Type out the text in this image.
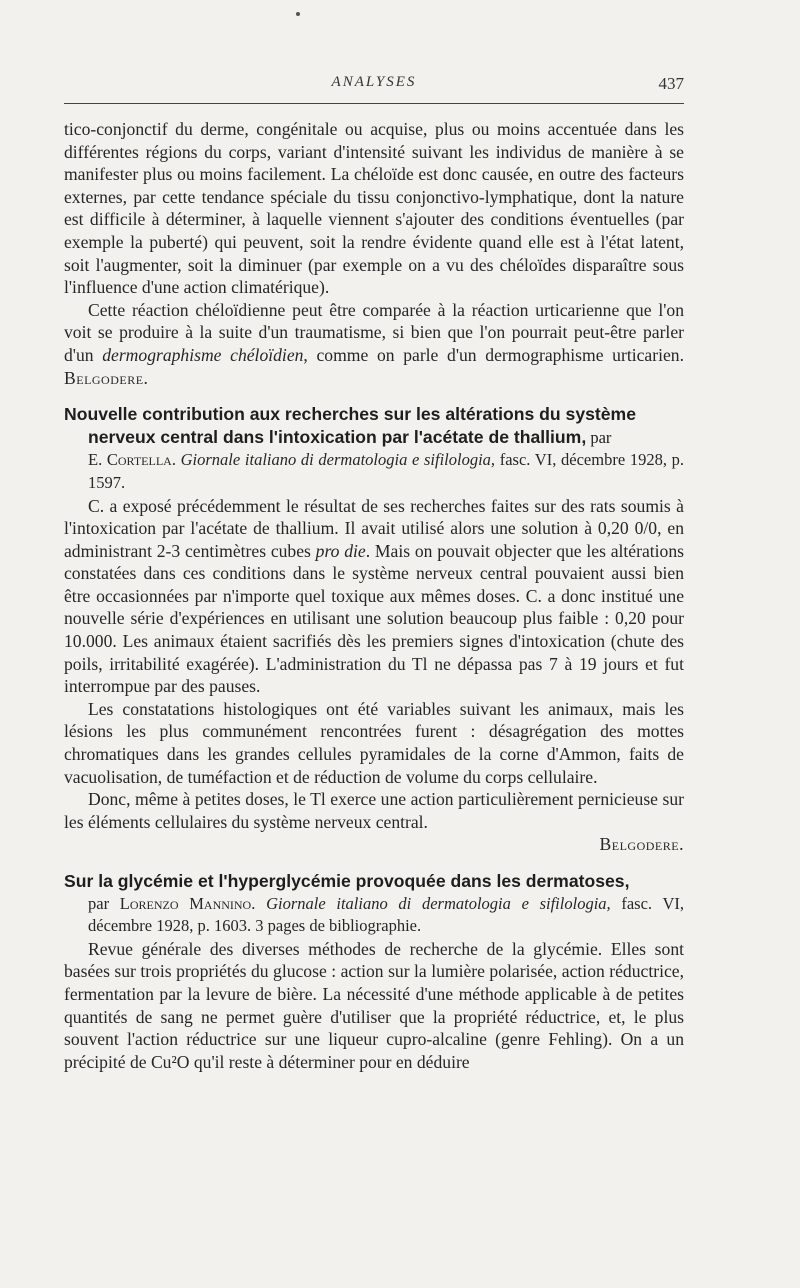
ANALYSES	437

tico-conjonctif du derme, congénitale ou acquise, plus ou moins accentuée dans les différentes régions du corps, variant d'intensité suivant les individus de manière à se manifester plus ou moins facilement. La chéloïde est donc causée, en outre des facteurs externes, par cette tendance spéciale du tissu conjonctivo-lymphatique, dont la nature est difficile à déterminer, à laquelle viennent s'ajouter des conditions éventuelles (par exemple la puberté) qui peuvent, soit la rendre évidente quand elle est à l'état latent, soit l'augmenter, soit la diminuer (par exemple on a vu des chéloïdes disparaître sous l'influence d'une action climatérique).

Cette réaction chéloïdienne peut être comparée à la réaction urticarienne que l'on voit se produire à la suite d'un traumatisme, si bien que l'on pourrait peut-être parler d'un dermographisme chéloïdien, comme on parle d'un dermographisme urticarien. Belgodere.

Nouvelle contribution aux recherches sur les altérations du système
nerveux central dans l'intoxication par l'acétate de thallium, par

E. Cortella. Giornale italiano di dermatologia e sifilologia, fasc. VI, décembre 1928, p. 1597.

C. a exposé précédemment le résultat de ses recherches faites sur des rats soumis à l'intoxication par l'acétate de thallium. Il avait utilisé alors une solution à 0,20 0/0, en administrant 2-3 centimètres cubes pro die. Mais on pouvait objecter que les altérations constatées dans ces conditions dans le système nerveux central pouvaient aussi bien être occasionnées par n'importe quel toxique aux mêmes doses. C. a donc institué une nouvelle série d'expériences en utilisant une solution beaucoup plus faible : 0,20 pour 10.000. Les animaux étaient sacrifiés dès les premiers signes d'intoxication (chute des poils, irritabilité exagérée). L'administration du Tl ne dépassa pas 7 à 19 jours et fut interrompue par des pauses.

Les constatations histologiques ont été variables suivant les animaux, mais les lésions les plus communément rencontrées furent : désagrégation des mottes chromatiques dans les grandes cellules pyramidales de la corne d'Ammon, faits de vacuolisation, de tuméfaction et de réduction de volume du corps cellulaire.

Donc, même à petites doses, le Tl exerce une action particulièrement pernicieuse sur les éléments cellulaires du système nerveux central.

Belgodere.

Sur la glycémie et l'hyperglycémie provoquée dans les dermatoses,

par Lorenzo Mannino. Giornale italiano di dermatologia e sifilologia, fasc. VI, décembre 1928, p. 1603. 3 pages de bibliographie.

Revue générale des diverses méthodes de recherche de la glycémie. Elles sont basées sur trois propriétés du glucose : action sur la lumière polarisée, action réductrice, fermentation par la levure de bière. La nécessité d'une méthode applicable à de petites quantités de sang ne permet guère d'utiliser que la propriété réductrice, et, le plus souvent l'action réductrice sur une liqueur cupro-alcaline (genre Fehling). On a un précipité de Cu²O qu'il reste à déterminer pour en déduire
